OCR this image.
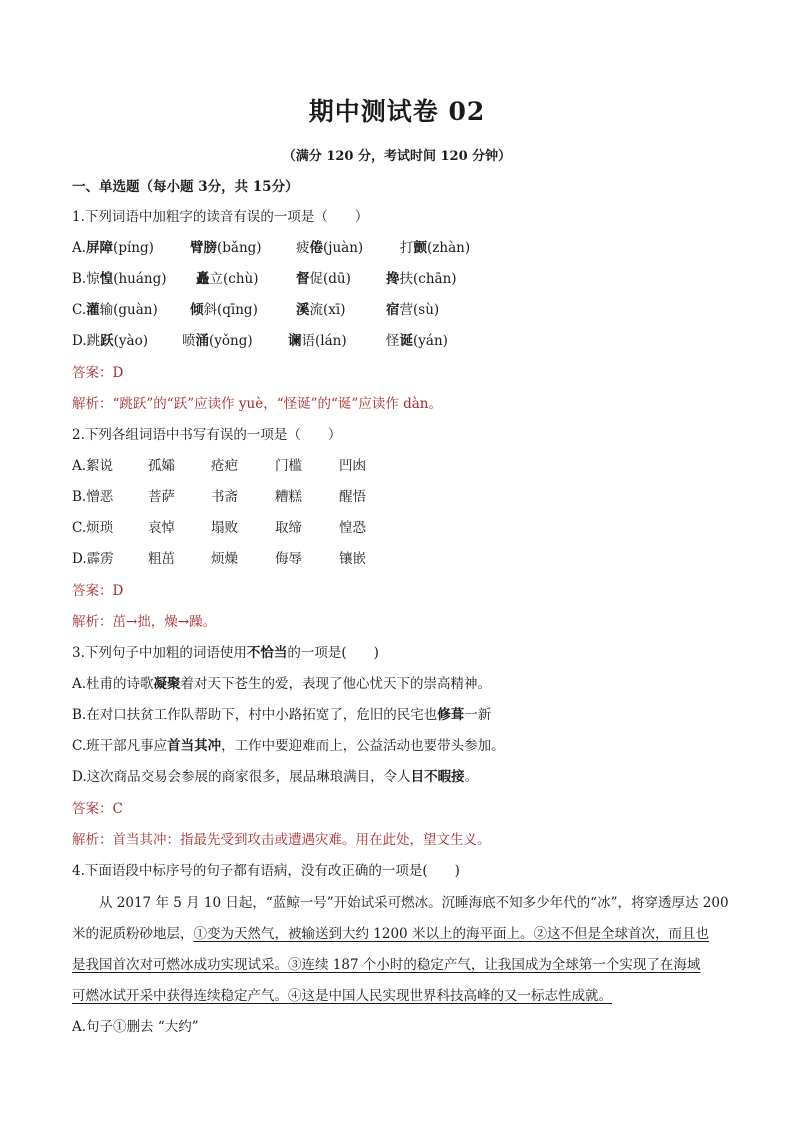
期中测试卷 02
（满分 120 分，考试时间 120 分钟）
一、单选题（每小题 3分，共 15分）
1.下列词语中加粗字的读音有误的一项是（　　）
A.屏障(píng)	臂膀(bǎng)	疲倦(juàn)	打颤(zhàn)
B.惊惶(huáng) 矗立(chù)	督促(dū)	搀扶(chān)
C.灌输(guàn) 倾斜(qīng)	溪流(xī)	宿营(sù)
D.跳跃(yào)	喷涌(yǒng)	谰语(lán)	怪诞(yán)
答案：D
解析：“跳跃”的“跃”应读作 yuè，“怪诞”的“诞”应读作 dàn。
2.下列各组词语中书写有误的一项是（　　）
A.絮说	孤孀	疮疤	门槛	凹凼
B.憎恶	菩萨	书斋	糟糕	醒悟
C.烦琐	哀悼	塌败	取缔	惶恐
D.霹雳	粗茁	烦燥	侮辱	镶嵌
答案：D
解析：茁→拙，燥→躁。
3.下列句子中加粗的词语使用不恰当的一项是(　　)
A.杜甫的诗歌凝聚着对天下苍生的爱，表现了他心忧天下的崇高精神。
B.在对口扶贫工作队帮助下，村中小路拓宽了，危旧的民宅也修葺一新
C.班干部凡事应首当其冲，工作中要迎难而上，公益活动也要带头参加。
D.这次商品交易会参展的商家很多，展品琳琅满目，令人目不暇接。
答案：C
解析：首当其冲：指最先受到攻击或遭遇灾难。用在此处，望文生义。
4.下面语段中标序号的句子都有语病，没有改正确的一项是(　　)
　　从 2017 年 5 月 10 日起，“蓝鲸一号”开始试采可燃冰。沉睡海底不知多少年代的“冰”，将穿透厚达 200
米的泥质粉砂地层，①变为天然气，被输送到大约 1200 米以上的海平面上。②这不但是全球首次，而且也
是我国首次对可燃冰成功实现试采。③连续 187 个小时的稳定产气，让我国成为全球第一个实现了在海域
可燃冰试开采中获得连续稳定产气。④这是中国人民实现世界科技高峰的又一标志性成就。
A.句子①删去 “大约”
